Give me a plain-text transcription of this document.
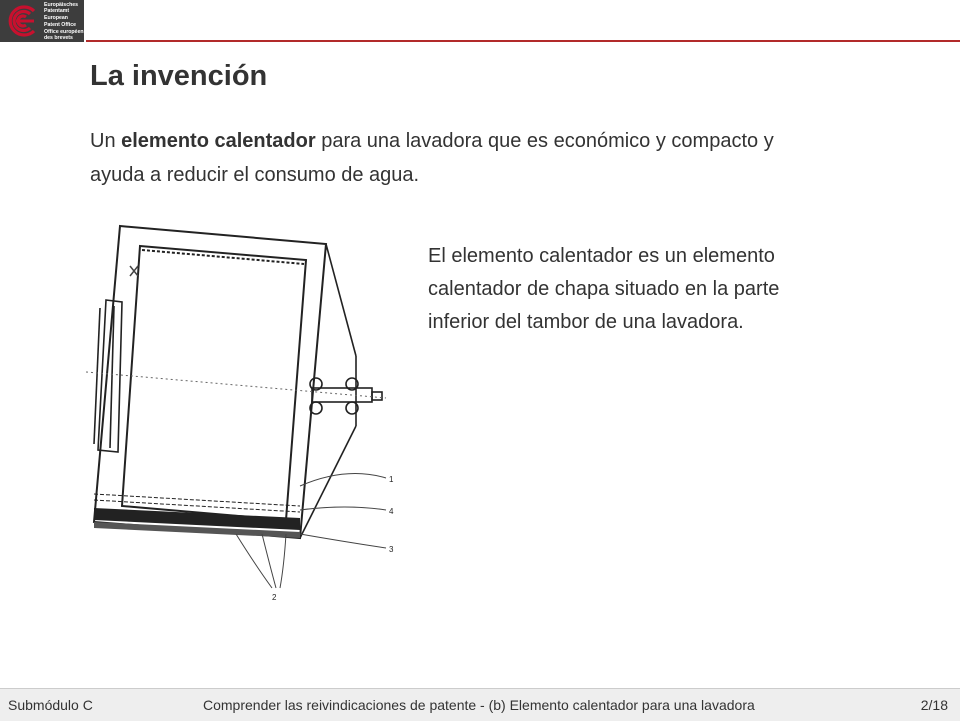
Europäisches
Patentamt
European
Patent Office
Office européen
des brevets
La invención

Un elemento calentador para una lavadora que es económico y compacto y ayuda a reducir el consumo de agua.

1
4
3
2

El elemento calentador es un elemento calentador de chapa situado en la parte inferior del tambor de una lavadora.

Submódulo C	Comprender las reivindicaciones de patente - (b) Elemento calentador para una lavadora	2/18
